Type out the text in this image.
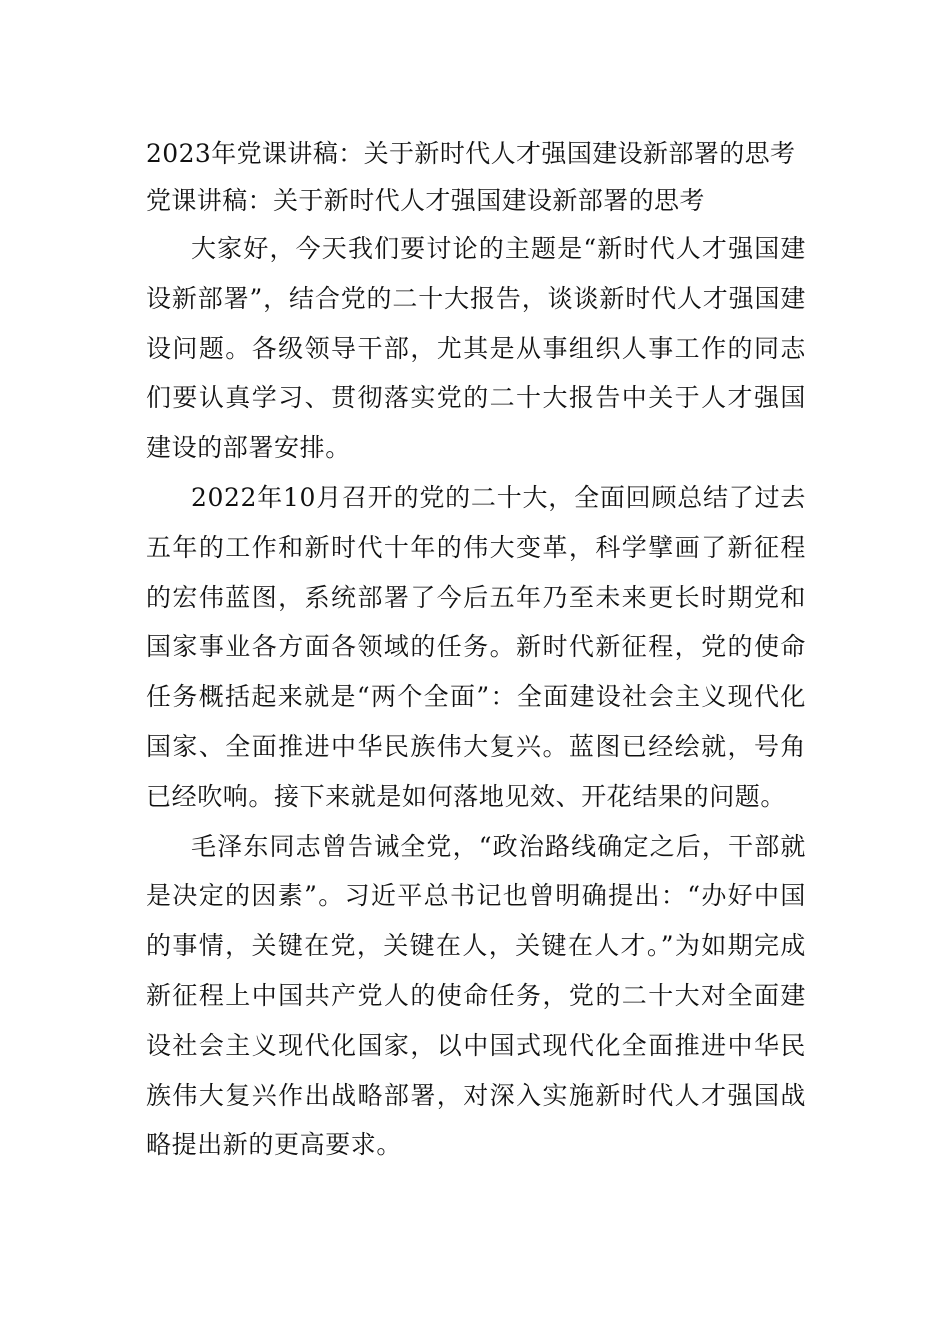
2023年党课讲稿：关于新时代人才强国建设新部署的思考
党课讲稿：关于新时代人才强国建设新部署的思考

大家好，今天我们要讨论的主题是“新时代人才强国建设新部署”，结合党的二十大报告，谈谈新时代人才强国建设问题。各级领导干部，尤其是从事组织人事工作的同志们要认真学习、贯彻落实党的二十大报告中关于人才强国建设的部署安排。

2022年10月召开的党的二十大，全面回顾总结了过去五年的工作和新时代十年的伟大变革，科学擘画了新征程的宏伟蓝图，系统部署了今后五年乃至未来更长时期党和国家事业各方面各领域的任务。新时代新征程，党的使命任务概括起来就是“两个全面”：全面建设社会主义现代化国家、全面推进中华民族伟大复兴。蓝图已经绘就，号角已经吹响。接下来就是如何落地见效、开花结果的问题。

毛泽东同志曾告诫全党，“政治路线确定之后，干部就是决定的因素”。习近平总书记也曾明确提出：“办好中国的事情，关键在党，关键在人，关键在人才。”为如期完成新征程上中国共产党人的使命任务，党的二十大对全面建设社会主义现代化国家，以中国式现代化全面推进中华民族伟大复兴作出战略部署，对深入实施新时代人才强国战略提出新的更高要求。
